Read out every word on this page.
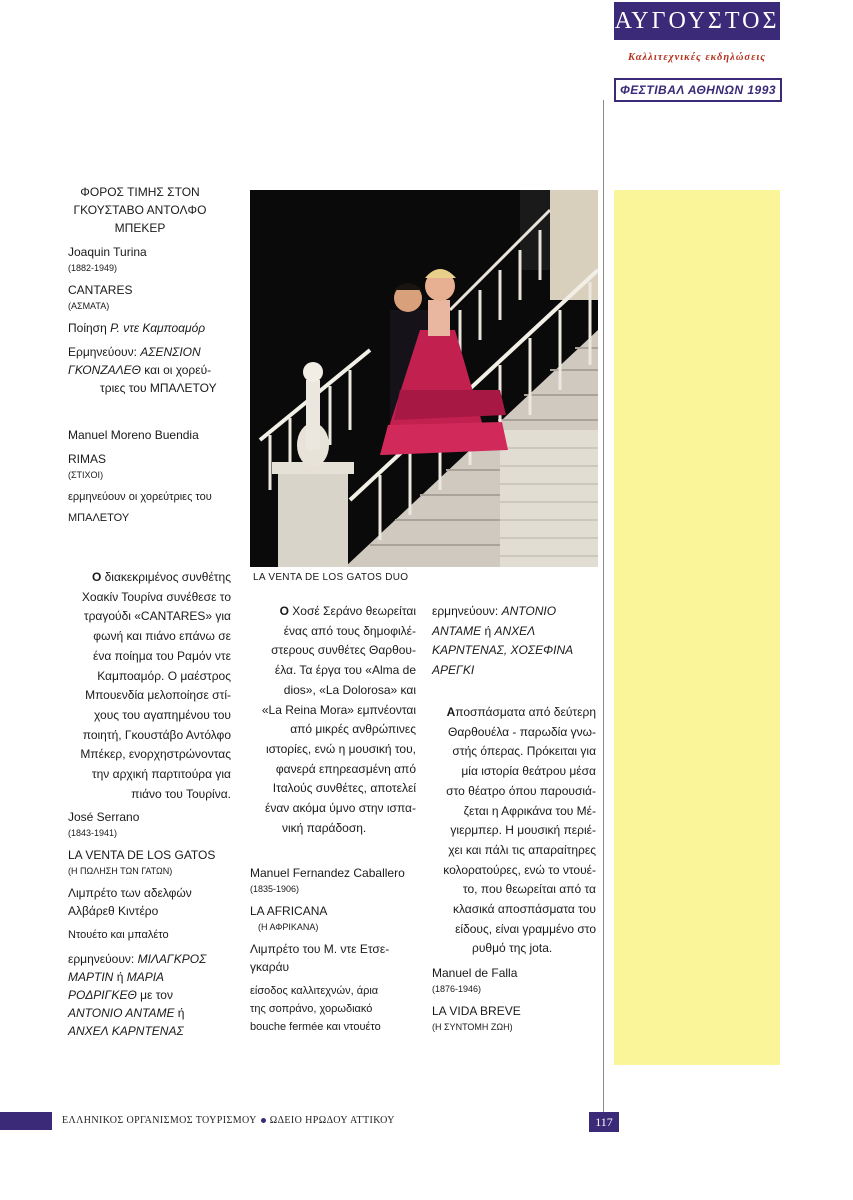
ΑΥΓΟΥΣΤΟΣ
Καλλιτεχνικές εκδηλώσεις
ΦΕΣΤΙΒΑΛ ΑΘΗΝΩΝ 1993
ΦΟΡΟΣ ΤΙΜΗΣ ΣΤΟΝ
ΓΚΟΥΣΤΑΒΟ ΑΝΤΟΛΦΟ
ΜΠΕΚΕΡ
Joaquin Turina
(1882-1949)
CANTARES
(ΑΣΜΑΤΑ)
Ποίηση Ρ. ντε Καμποαμόρ
Ερμηνεύουν: ΑΣΕΝΣΙΟΝ
ΓΚΟΝΖΑΛΕΘ και οι χορεύ-
τριες του ΜΠΑΛΕΤΟΥ
Manuel Moreno Buendia
RIMAS
(ΣΤΙΧΟΙ)
ερμηνεύουν οι χορεύτριες του
ΜΠΑΛΕΤΟΥ
Ο διακεκριμένος συνθέτης
Χοακίν Τουρίνα συνέθεσε το
τραγούδι «CANTARES» για
φωνή και πιάνο επάνω σε
ένα ποίημα του Ραμόν ντε
Καμποαμόρ. Ο μαέστρος
Μπουενδία μελοποίησε στί-
χους του αγαπημένου του
ποιητή, Γκουστάβο Αντόλφο
Μπέκερ, ενορχηστρώνοντας
την αρχική παρτιτούρα για
πιάνο του Τουρίνα.
José Serrano
(1843-1941)
LA VENTA DE LOS GATOS
(Η ΠΩΛΗΣΗ ΤΩΝ ΓΑΤΩΝ)
Λιμπρέτο των αδελφών
Αλβάρεθ Κιντέρο
Ντουέτο και μπαλέτο
ερμηνεύουν: ΜΙΛΑΓΚΡΟΣ
ΜΑΡΤΙΝ ή ΜΑΡΙΑ
ΡΟΔΡΙΓΚΕΘ με τον
ΑΝΤΟΝΙΟ ΑΝΤΑΜΕ ή
ΑΝΧΕΛ ΚΑΡΝΤΕΝΑΣ
LA VENTA DE LOS GATOS DUO
Ο Χοσέ Σεράνο θεωρείται
ένας από τους δημοφιλέ-
στερους συνθέτες Θαρθου-
έλα. Τα έργα του «Alma de
dios», «La Dolorosa» και
«La Reina Mora» εμπνέονται
από μικρές ανθρώπινες
ιστορίες, ενώ η μουσική του,
φανερά επηρεασμένη από
Ιταλούς συνθέτες, αποτελεί
έναν ακόμα ύμνο στην ισπα-
νική παράδοση.
Manuel Fernandez Caballero
(1835-1906)
LA AFRICANA
(Η ΑΦΡΙΚΑΝΑ)
Λιμπρέτο του Μ. ντε Ετσε-
γκαράυ
είσοδος καλλιτεχνών, άρια
της σοπράνο, χορωδιακό
bouche fermée και ντουέτο
ερμηνεύουν: ΑΝΤΟΝΙΟ
ΑΝΤΑΜΕ ή ΑΝΧΕΛ
ΚΑΡΝΤΕΝΑΣ, ΧΟΣΕΦΙΝΑ
ΑΡΕΓΚΙ
Αποσπάσματα από δεύτερη
Θαρθουέλα - παρωδία γνω-
στής όπερας. Πρόκειται για
μία ιστορία θεάτρου μέσα
στο θέατρο όπου παρουσιά-
ζεται η Αφρικάνα του Μέ-
γιερμπερ. Η μουσική περιέ-
χει και πάλι τις απαραίτηρες
κολορατούρες, ενώ το ντουέ-
το, που θεωρείται από τα
κλασικά αποσπάσματα του
είδους, είναι γραμμένο στο
ρυθμό της jota.
Manuel de Falla
(1876-1946)
LA VIDA BREVE
(Η ΣΥΝΤΟΜΗ ΖΩΗ)
ΕΛΛΗΝΙΚΟΣ ΟΡΓΑΝΙΣΜΟΣ ΤΟΥΡΙΣΜΟΥ ΩΔΕΙΟ ΗΡΩΔΟΥ ΑΤΤΙΚΟΥ	117
